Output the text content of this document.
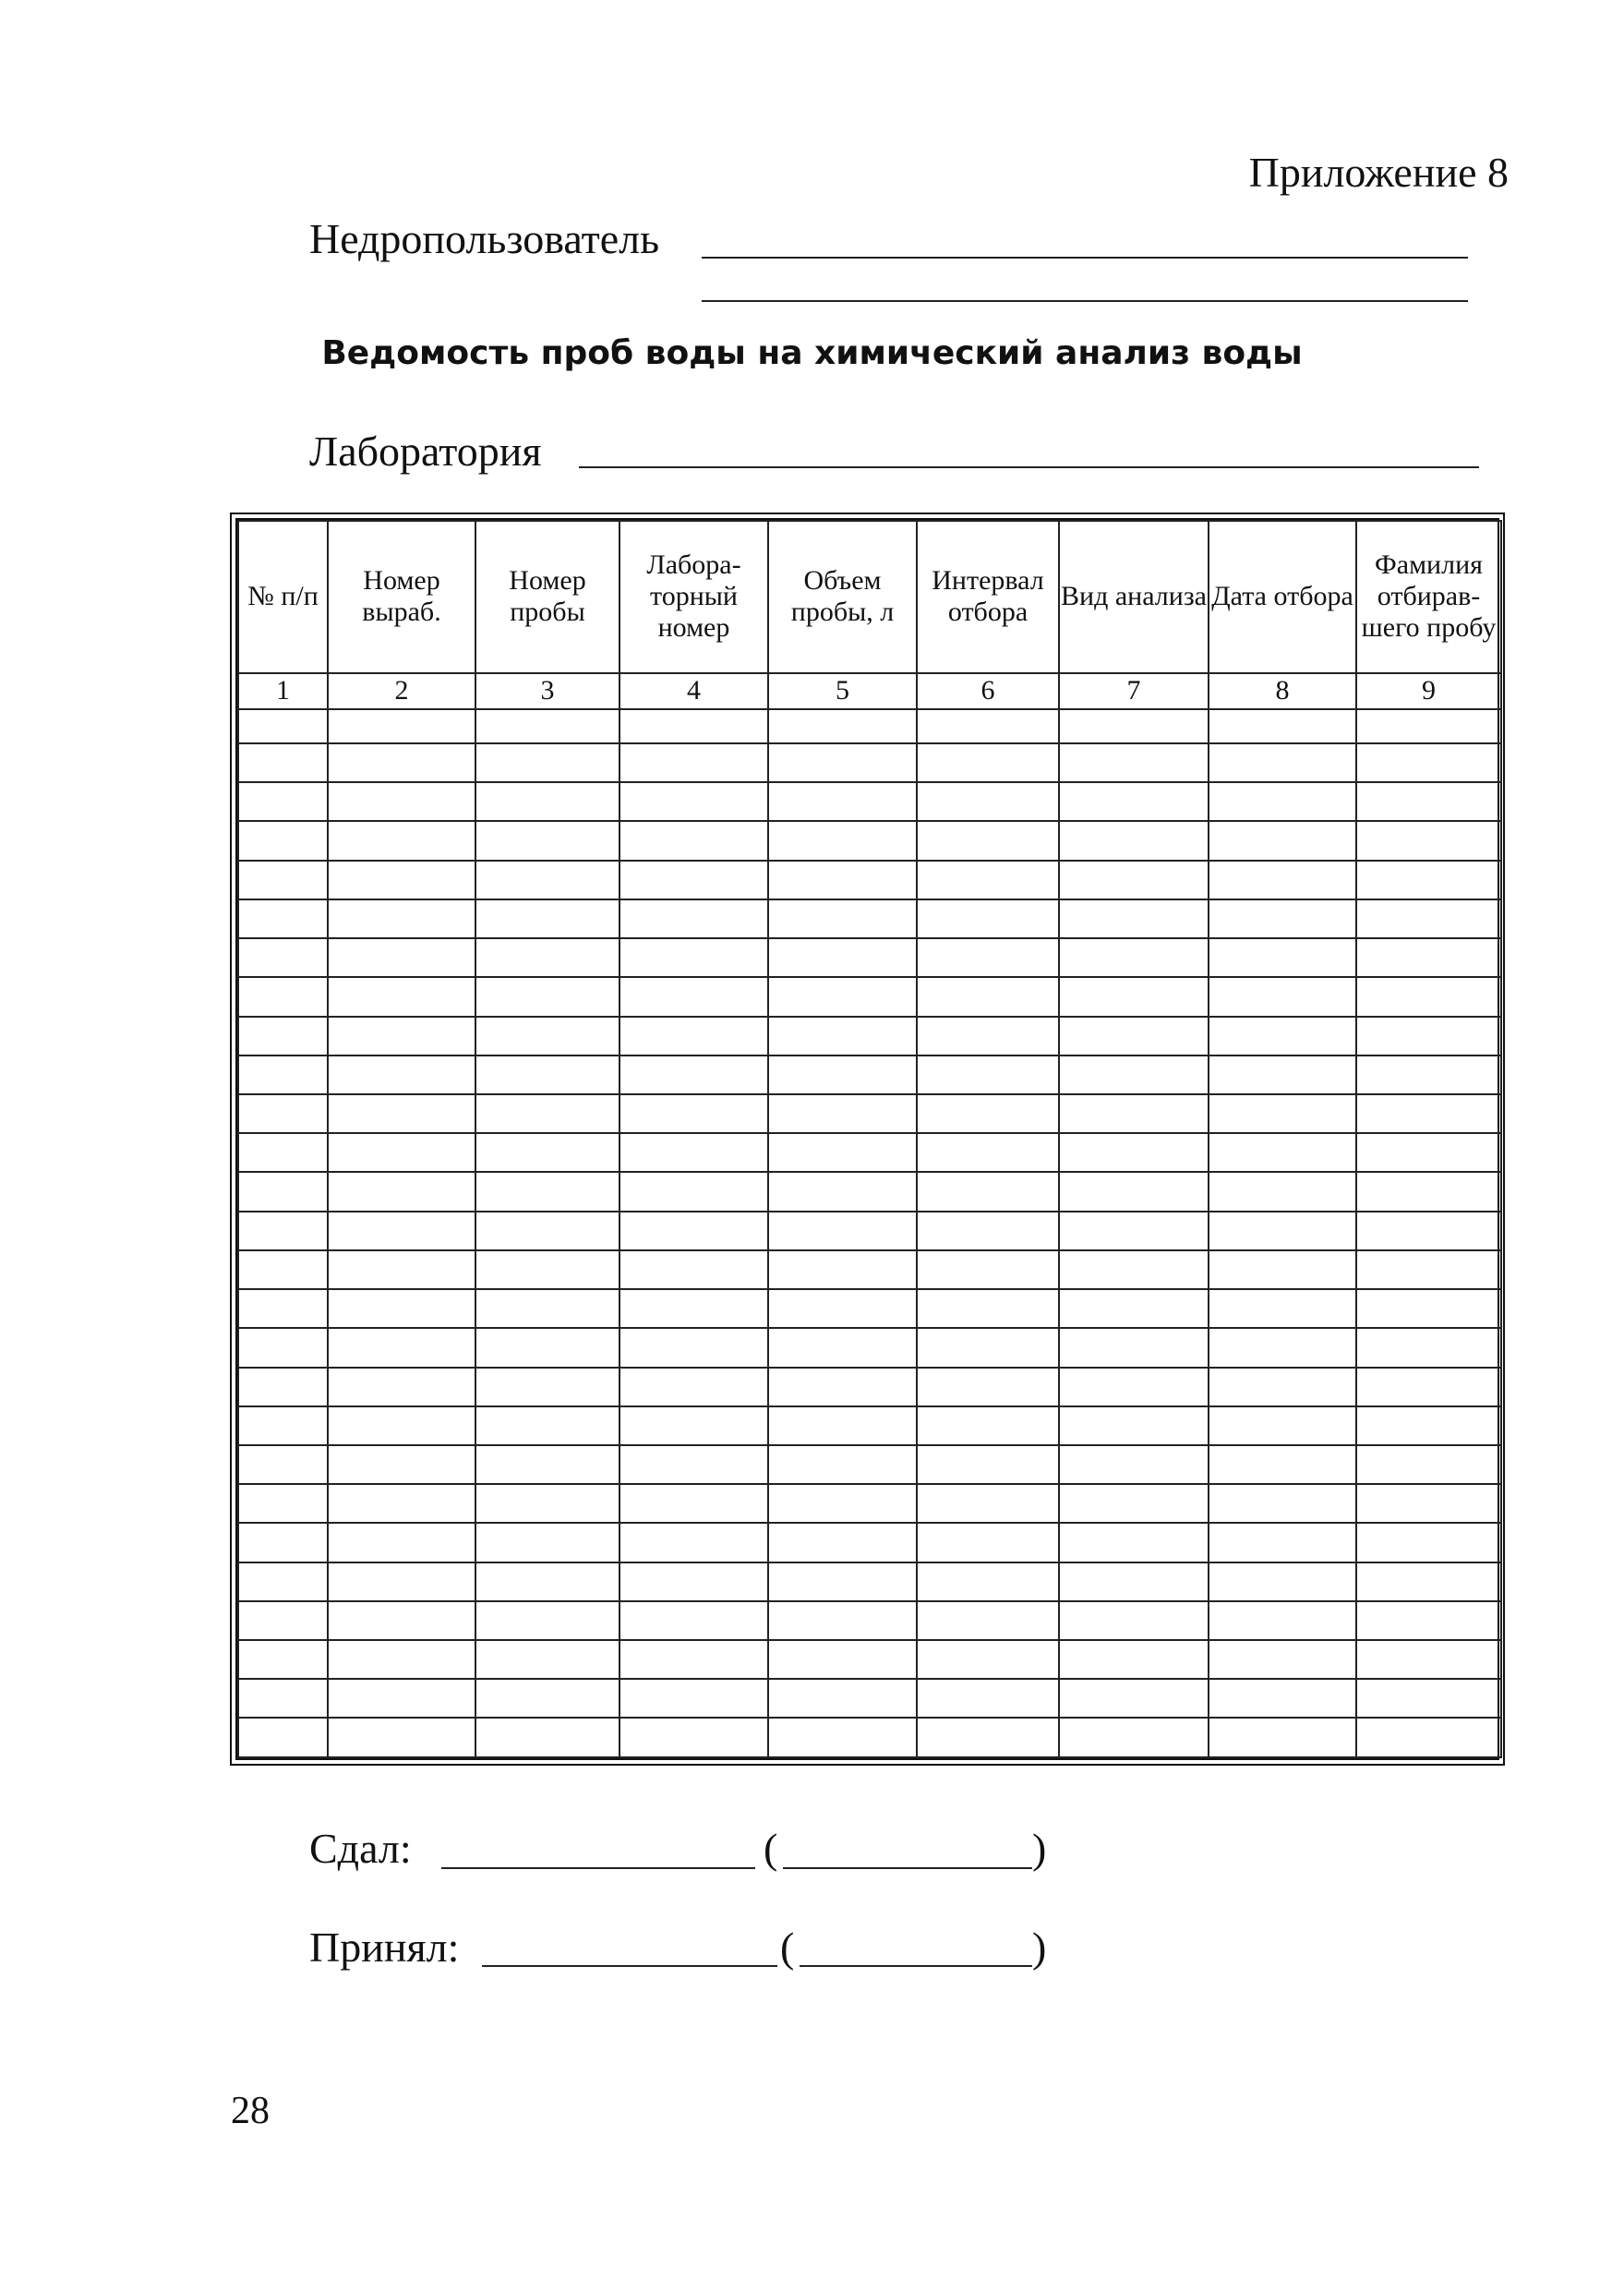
Приложение 8
Недропользователь
Ведомость проб воды на химический анализ воды
Лаборатория
№ п/п	Номер выраб.	Номер пробы	Лабора-торный номер	Объем пробы, л	Интервал отбора	Вид анализа	Дата отбора	Фамилия отбирав-шего пробу
1	2	3	4	5	6	7	8	9

Сдал:	(	)
Принял:	(	)
28
